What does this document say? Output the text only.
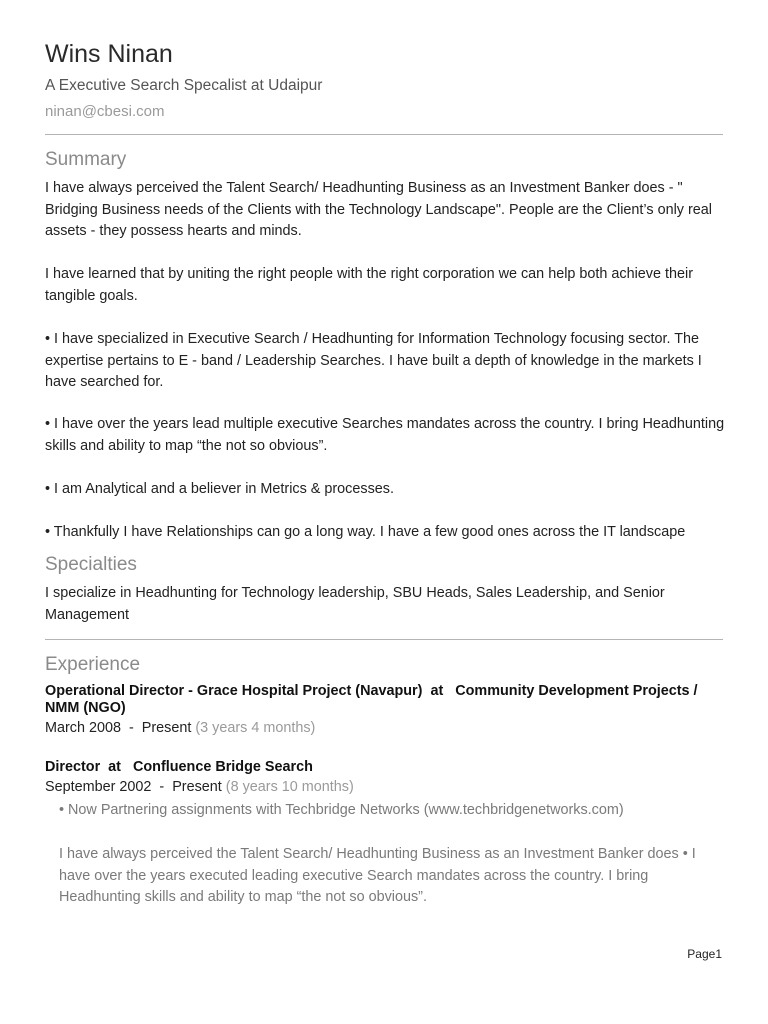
Wins Ninan
A Executive Search Specalist at Udaipur
ninan@cbesi.com
Summary

I have always perceived the Talent Search/ Headhunting Business as an Investment Banker does - " Bridging Business needs of the Clients with the Technology Landscape". People are the Client’s only real assets - they possess hearts and minds.

I have learned that by uniting the right people with the right corporation we can help both achieve their tangible goals.

• I have specialized in Executive Search / Headhunting for Information Technology focusing sector. The expertise pertains to E - band / Leadership Searches. I have built a depth of knowledge in the markets I have searched for.

• I have over the years lead multiple executive Searches mandates across the country. I bring Headhunting skills and ability to map “the not so obvious”.

• I am Analytical and a believer in Metrics & processes.

• Thankfully I have Relationships can go a long way. I have a few good ones across the IT landscape

Specialties

I specialize in Headhunting for Technology leadership, SBU Heads, Sales Leadership, and Senior Management

Experience

Operational Director - Grace Hospital Project (Navapur)  at   Community Development Projects / NMM (NGO)

March 2008  -  Present (3 years 4 months)

Director  at   Confluence Bridge Search

September 2002  -  Present (8 years 10 months)

• Now Partnering assignments with Techbridge Networks (www.techbridgenetworks.com)

I have always perceived the Talent Search/ Headhunting Business as an Investment Banker does • I have over the years executed leading executive Search mandates across the country. I bring Headhunting skills and ability to map “the not so obvious”.

Page1
